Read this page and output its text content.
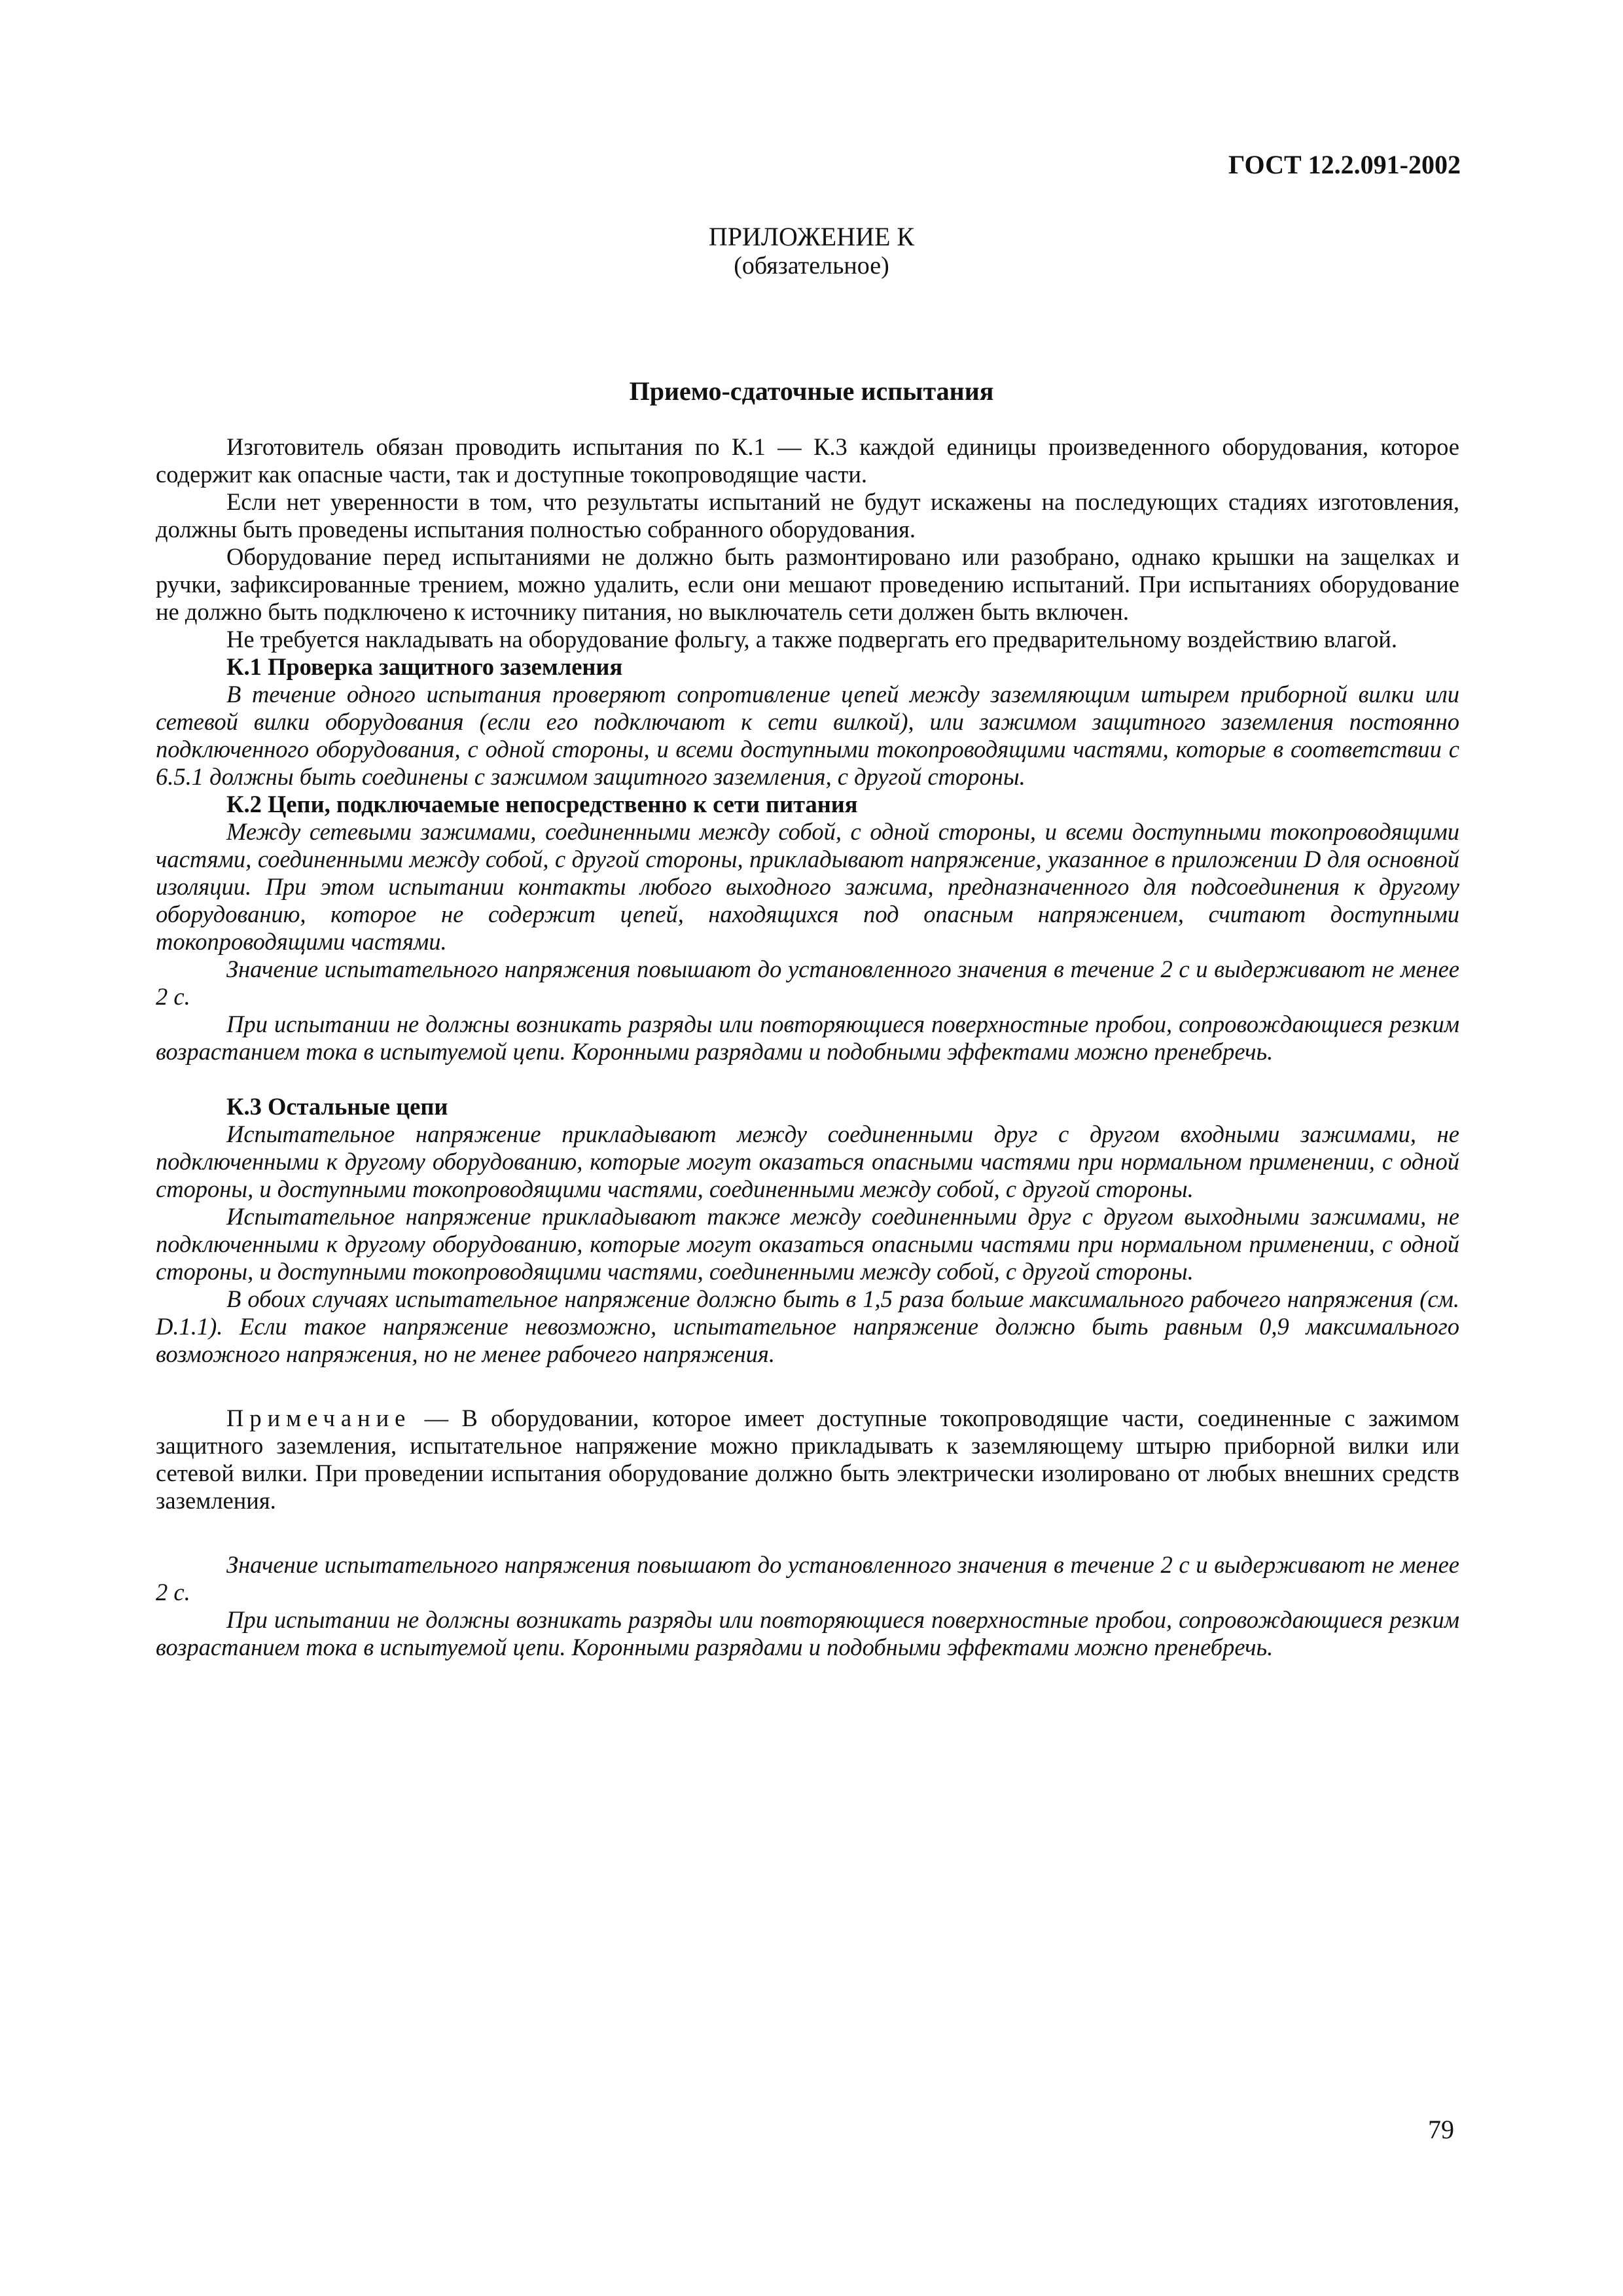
ГОСТ 12.2.091-2002
ПРИЛОЖЕНИЕ К
(обязательное)
Приемо-сдаточные испытания

Изготовитель обязан проводить испытания по К.1 — К.3 каждой единицы произведенного оборудования, которое содержит как опасные части, так и доступные токопроводящие части.

Если нет уверенности в том, что результаты испытаний не будут искажены на последующих стадиях изготовления, должны быть проведены испытания полностью собранного оборудования.

Оборудование перед испытаниями не должно быть размонтировано или разобрано, однако крышки на защелках и ручки, зафиксированные трением, можно удалить, если они мешают проведению испытаний. При испытаниях оборудование не должно быть подключено к источнику питания, но выключатель сети должен быть включен.

Не требуется накладывать на оборудование фольгу, а также подвергать его предварительному воздействию влагой.

К.1 Проверка защитного заземления

В течение одного испытания проверяют сопротивление цепей между заземляющим штырем приборной вилки или сетевой вилки оборудования (если его подключают к сети вилкой), или зажимом защитного заземления постоянно подключенного оборудования, с одной стороны, и всеми доступными токопроводящими частями, которые в соответствии с 6.5.1 должны быть соединены с зажимом защитного заземления, с другой стороны.

К.2 Цепи, подключаемые непосредственно к сети питания

Между сетевыми зажимами, соединенными между собой, с одной стороны, и всеми доступными токопроводящими частями, соединенными между собой, с другой стороны, прикладывают напряжение, указанное в приложении D для основной изоляции. При этом испытании контакты любого выходного зажима, предназначенного для подсоединения к другому оборудованию, которое не содержит цепей, находящихся под опасным напряжением, считают доступными токопроводящими частями.

Значение испытательного напряжения повышают до установленного значения в течение 2 с и выдерживают не менее 2 с.

При испытании не должны возникать разряды или повторяющиеся поверхностные пробои, сопровождающиеся резким возрастанием тока в испытуемой цепи. Коронными разрядами и подобными эффектами можно пренебречь.

К.3 Остальные цепи

Испытательное напряжение прикладывают между соединенными друг с другом входными зажимами, не подключенными к другому оборудованию, которые могут оказаться опасными частями при нормальном применении, с одной стороны, и доступными токопроводящими частями, соединенными между собой, с другой стороны.

Испытательное напряжение прикладывают также между соединенными друг с другом выходными зажимами, не подключенными к другому оборудованию, которые могут оказаться опасными частями при нормальном применении, с одной стороны, и доступными токопроводящими частями, соединенными между собой, с другой стороны.

В обоих случаях испытательное напряжение должно быть в 1,5 раза больше максимального рабочего напряжения (см. D.1.1). Если такое напряжение невозможно, испытательное напряжение должно быть равным 0,9 максимального возможного напряжения, но не менее рабочего напряжения.

Примечание — В оборудовании, которое имеет доступные токопроводящие части, соединенные с зажимом защитного заземления, испытательное напряжение можно прикладывать к заземляющему штырю приборной вилки или сетевой вилки. При проведении испытания оборудование должно быть электрически изолировано от любых внешних средств заземления.

Значение испытательного напряжения повышают до установленного значения в течение 2 с и выдерживают не менее 2 с.

При испытании не должны возникать разряды или повторяющиеся поверхностные пробои, сопровождающиеся резким возрастанием тока в испытуемой цепи. Коронными разрядами и подобными эффектами можно пренебречь.

79
